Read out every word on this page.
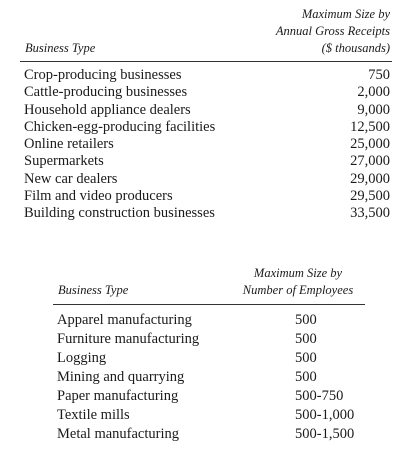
Maximum Size by
Annual Gross Receipts
($ thousands)
Business Type
Crop-producing businesses	750
Cattle-producing businesses	2,000
Household appliance dealers	9,000
Chicken-egg-producing facilities	12,500
Online retailers	25,000
Supermarkets	27,000
New car dealers	29,000
Film and video producers	29,500
Building construction businesses	33,500
Maximum Size by
Number of Employees
Business Type
Apparel manufacturing	500
Furniture manufacturing	500
Logging	500
Mining and quarrying	500
Paper manufacturing	500-750
Textile mills	500-1,000
Metal manufacturing	500-1,500
